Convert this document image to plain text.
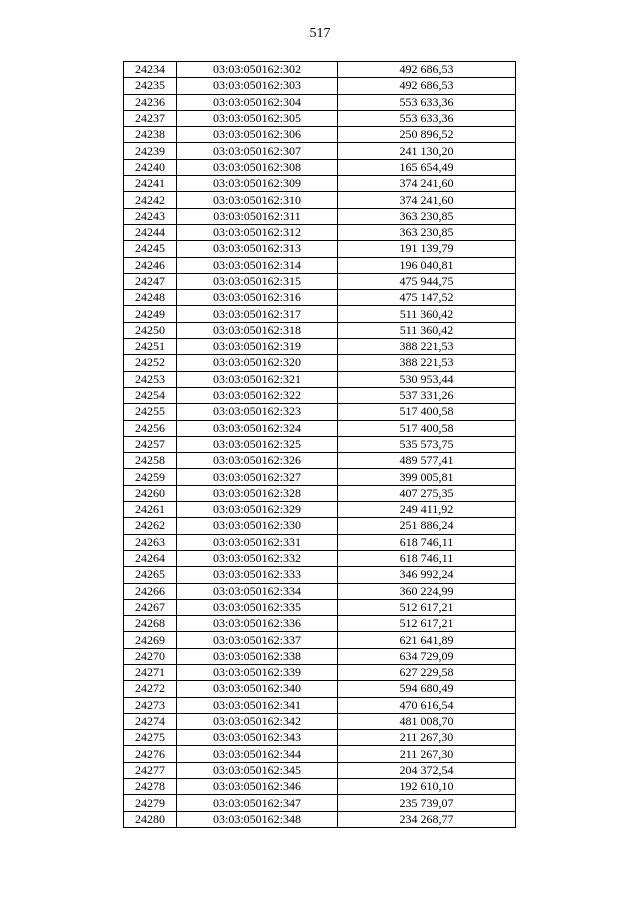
517
24234	03:03:050162:302	492 686,53
24235	03:03:050162:303	492 686,53
24236	03:03:050162:304	553 633,36
24237	03:03:050162:305	553 633,36
24238	03:03:050162:306	250 896,52
24239	03:03:050162:307	241 130,20
24240	03:03:050162:308	165 654,49
24241	03:03:050162:309	374 241,60
24242	03:03:050162:310	374 241,60
24243	03:03:050162:311	363 230,85
24244	03:03:050162:312	363 230,85
24245	03:03:050162:313	191 139,79
24246	03:03:050162:314	196 040,81
24247	03:03:050162:315	475 944,75
24248	03:03:050162:316	475 147,52
24249	03:03:050162:317	511 360,42
24250	03:03:050162:318	511 360,42
24251	03:03:050162:319	388 221,53
24252	03:03:050162:320	388 221,53
24253	03:03:050162:321	530 953,44
24254	03:03:050162:322	537 331,26
24255	03:03:050162:323	517 400,58
24256	03:03:050162:324	517 400,58
24257	03:03:050162:325	535 573,75
24258	03:03:050162:326	489 577,41
24259	03:03:050162:327	399 005,81
24260	03:03:050162:328	407 275,35
24261	03:03:050162:329	249 411,92
24262	03:03:050162:330	251 886,24
24263	03:03:050162:331	618 746,11
24264	03:03:050162:332	618 746,11
24265	03:03:050162:333	346 992,24
24266	03:03:050162:334	360 224,99
24267	03:03:050162:335	512 617,21
24268	03:03:050162:336	512 617,21
24269	03:03:050162:337	621 641,89
24270	03:03:050162:338	634 729,09
24271	03:03:050162:339	627 229,58
24272	03:03:050162:340	594 680,49
24273	03:03:050162:341	470 616,54
24274	03:03:050162:342	481 008,70
24275	03:03:050162:343	211 267,30
24276	03:03:050162:344	211 267,30
24277	03:03:050162:345	204 372,54
24278	03:03:050162:346	192 610,10
24279	03:03:050162:347	235 739,07
24280	03:03:050162:348	234 268,77
